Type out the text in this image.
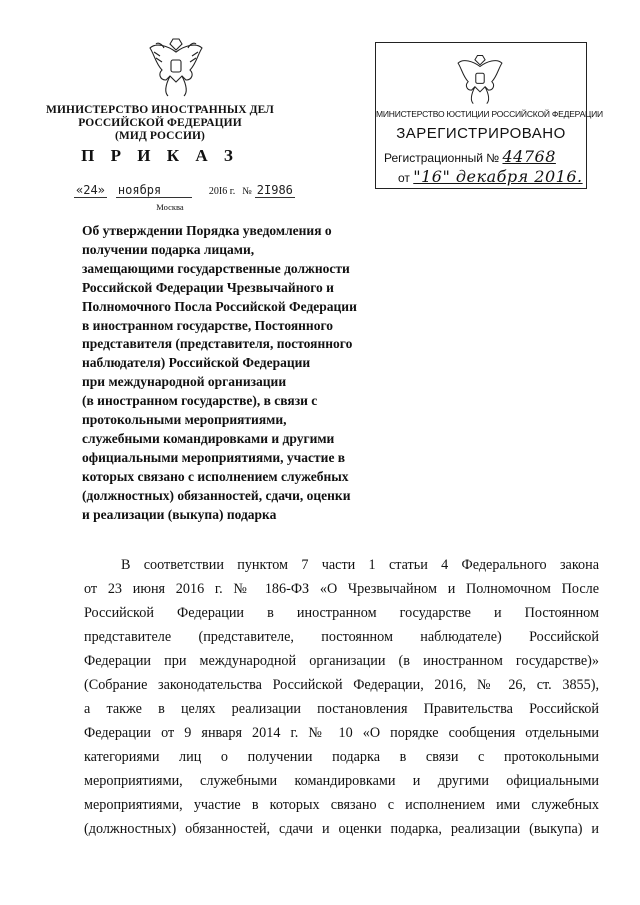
МИНИСТЕРСТВО ИНОСТРАННЫХ ДЕЛ
РОССИЙСКОЙ ФЕДЕРАЦИИ
(МИД РОССИИ)
П Р И К А З
«24» ноября	20I6 г. № 2I986
Москва
МИНИСТЕРСТВО ЮСТИЦИИ РОССИЙСКОЙ ФЕДЕРАЦИИ
ЗАРЕГИСТРИРОВАНО
Регистрационный № 44768
от "16" декабря 2016.
Об утверждении Порядка уведомления о
получении подарка лицами,
замещающими государственные должности
Российской Федерации Чрезвычайного и
Полномочного Посла Российской Федерации
в иностранном государстве, Постоянного
представителя (представителя, постоянного
наблюдателя) Российской Федерации
при международной организации
(в иностранном государстве), в связи с
протокольными мероприятиями,
служебными командировками и другими
официальными мероприятиями, участие в
которых связано с исполнением служебных
(должностных) обязанностей, сдачи, оценки
и реализации (выкупа) подарка
В соответствии пунктом 7 части 1 статьи 4 Федерального закона
от 23 июня 2016 г. № 186-ФЗ «О Чрезвычайном и Полномочном После
Российской Федерации в иностранном государстве и Постоянном
представителе (представителе, постоянном наблюдателе) Российской
Федерации при международной организации (в иностранном государстве)»
(Собрание законодательства Российской Федерации, 2016, № 26, ст. 3855),
а также в целях реализации постановления Правительства Российской
Федерации от 9 января 2014 г. № 10 «О порядке сообщения отдельными
категориями лиц о получении подарка в связи с протокольными
мероприятиями, служебными командировками и другими официальными
мероприятиями, участие в которых связано с исполнением ими служебных
(должностных) обязанностей, сдачи и оценки подарка, реализации (выкупа) и
